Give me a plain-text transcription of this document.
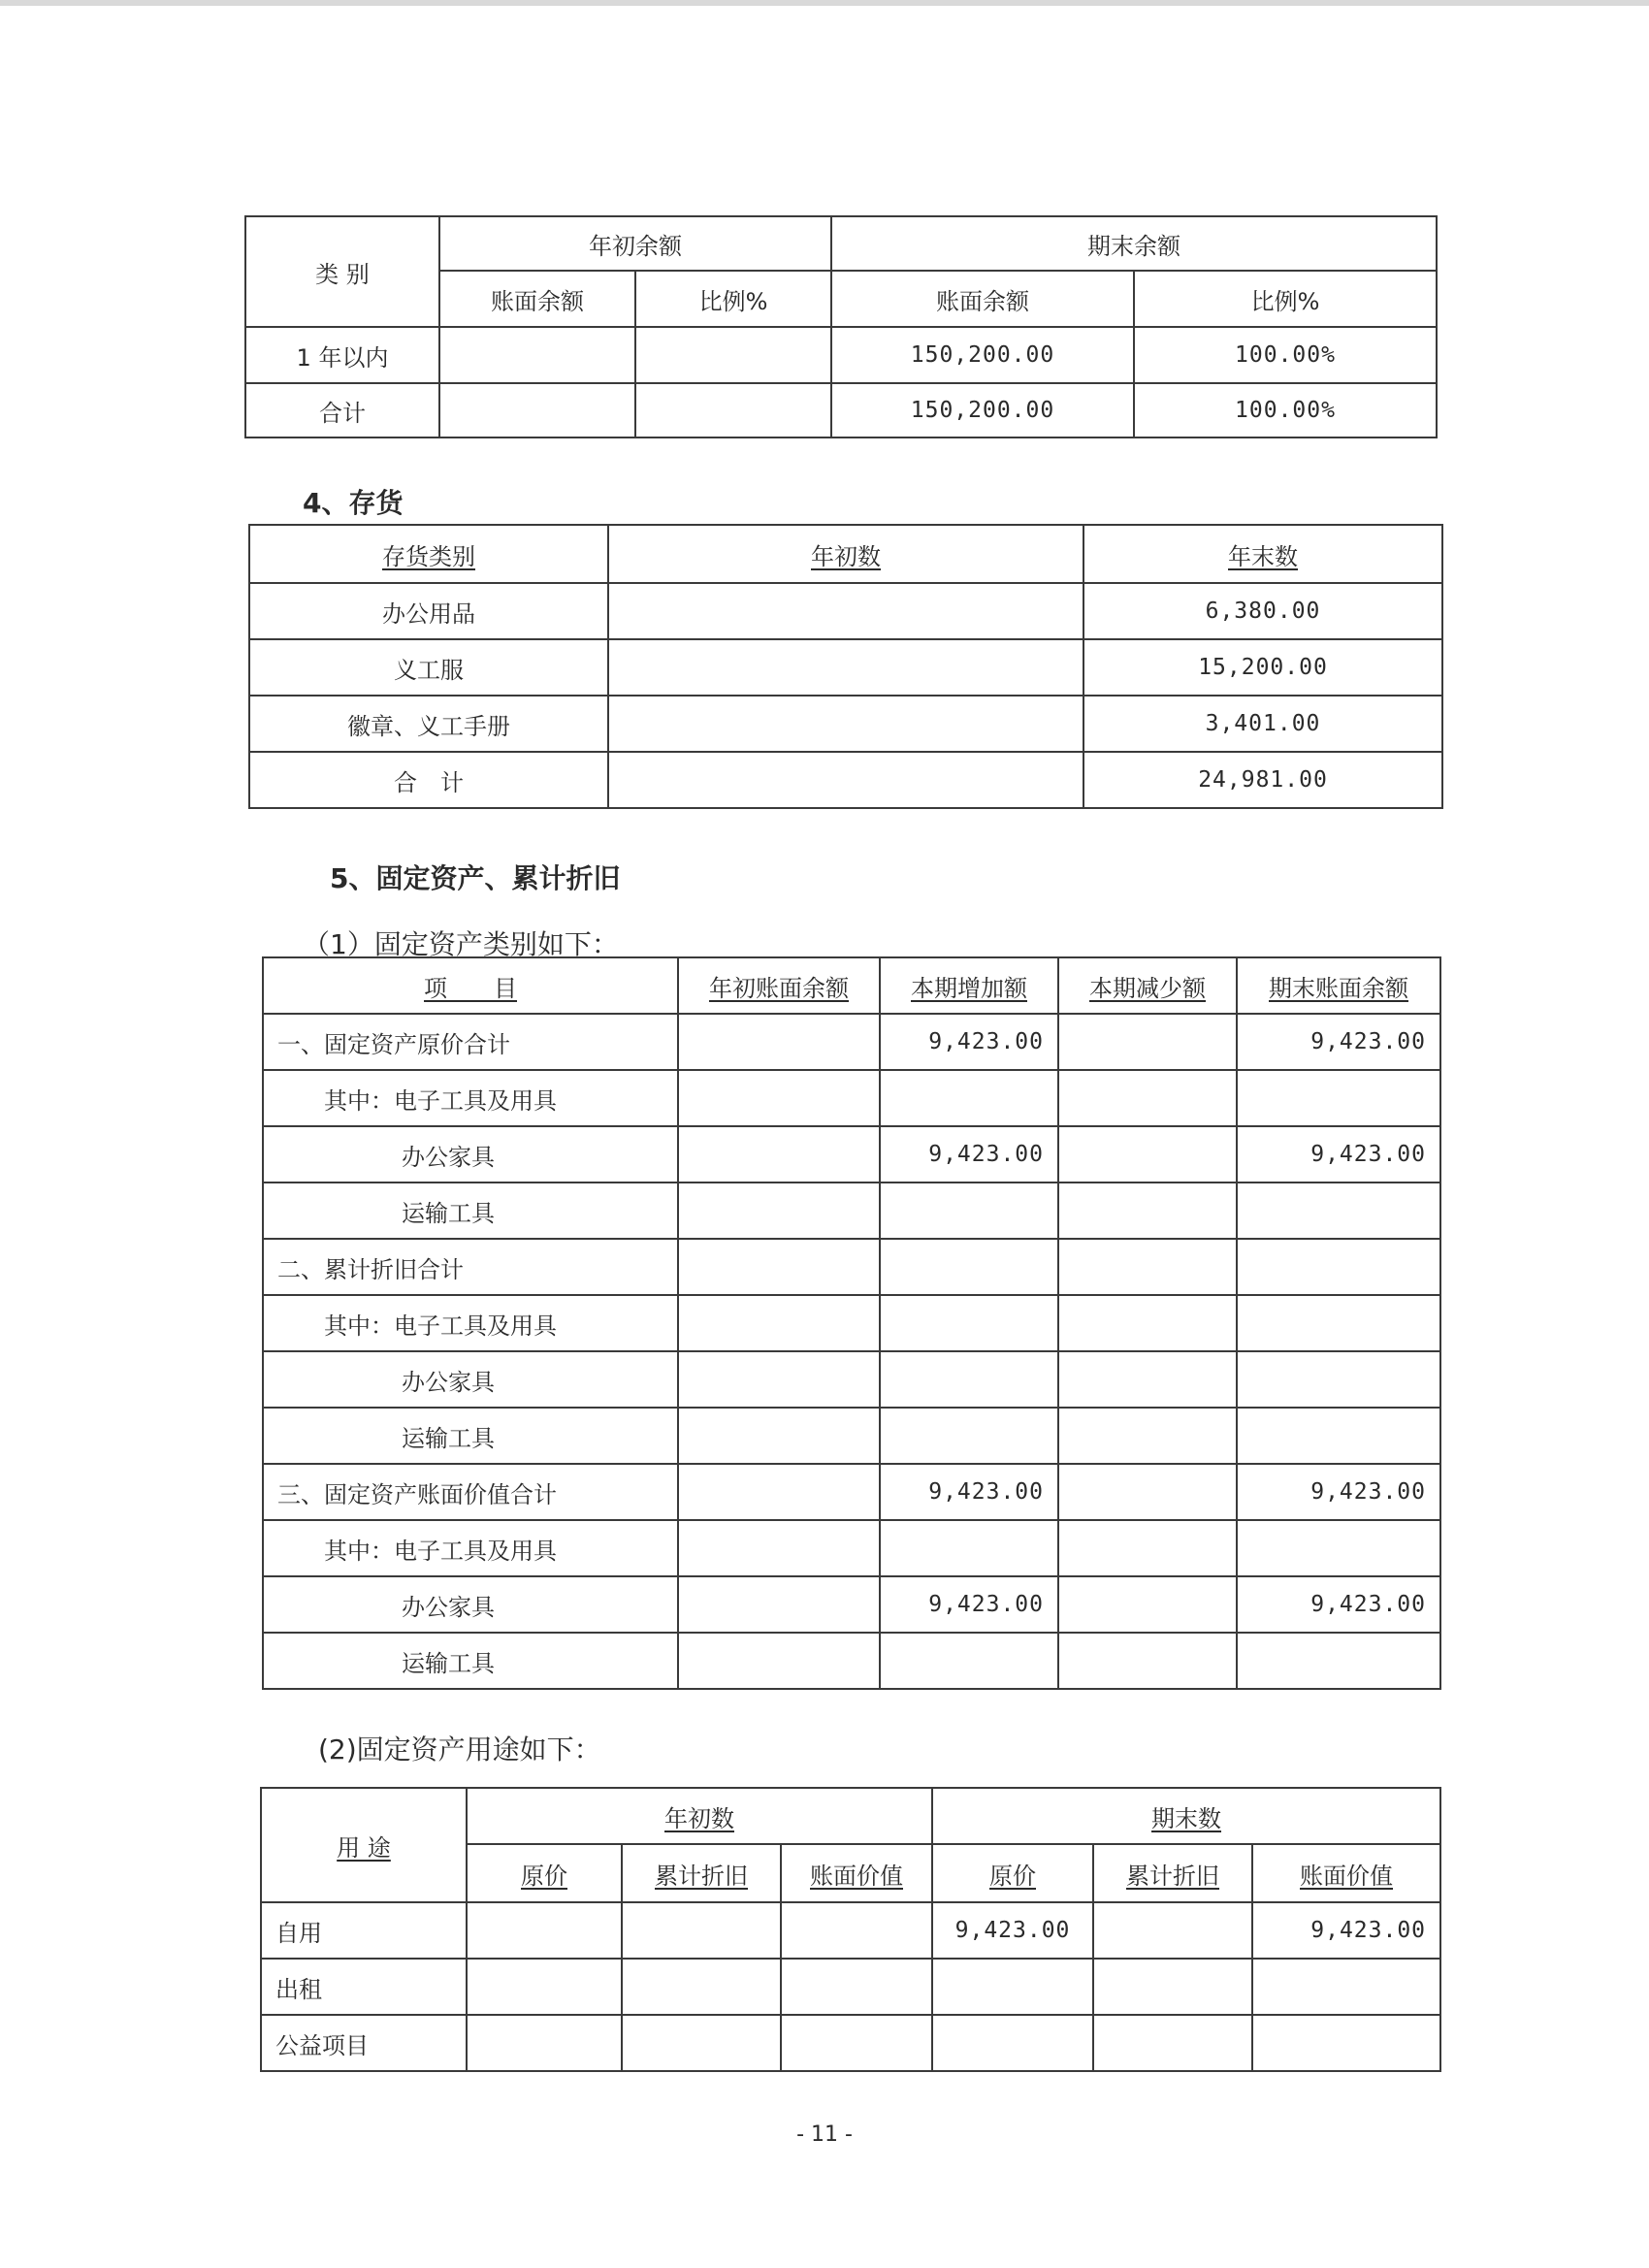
类 别	年初余额		期末余额	
	账面余额	比例%	账面余额	比例%
1 年以内			150,200.00	100.00%
合计			150,200.00	100.00%
4、存货
存货类别	年初数	年末数
办公用品		6,380.00
义工服		15,200.00
徽章、义工手册		3,401.00
合　计		24,981.00
5、固定资产、累计折旧
（1）固定资产类别如下：
项　　目	年初账面余额	本期增加额	本期减少额	期末账面余额
一、固定资产原价合计		9,423.00		9,423.00
其中：电子工具及用具				
办公家具		9,423.00		9,423.00
运输工具				
二、累计折旧合计				
其中：电子工具及用具				
办公家具				
运输工具				
三、固定资产账面价值合计		9,423.00		9,423.00
其中：电子工具及用具				
办公家具		9,423.00		9,423.00
运输工具				
(2)固定资产用途如下：
用 途	年初数			期末数		
	原价	累计折旧	账面价值	原价	累计折旧	账面价值
自用				9,423.00		9,423.00
出租						
公益项目						
- 11 -
